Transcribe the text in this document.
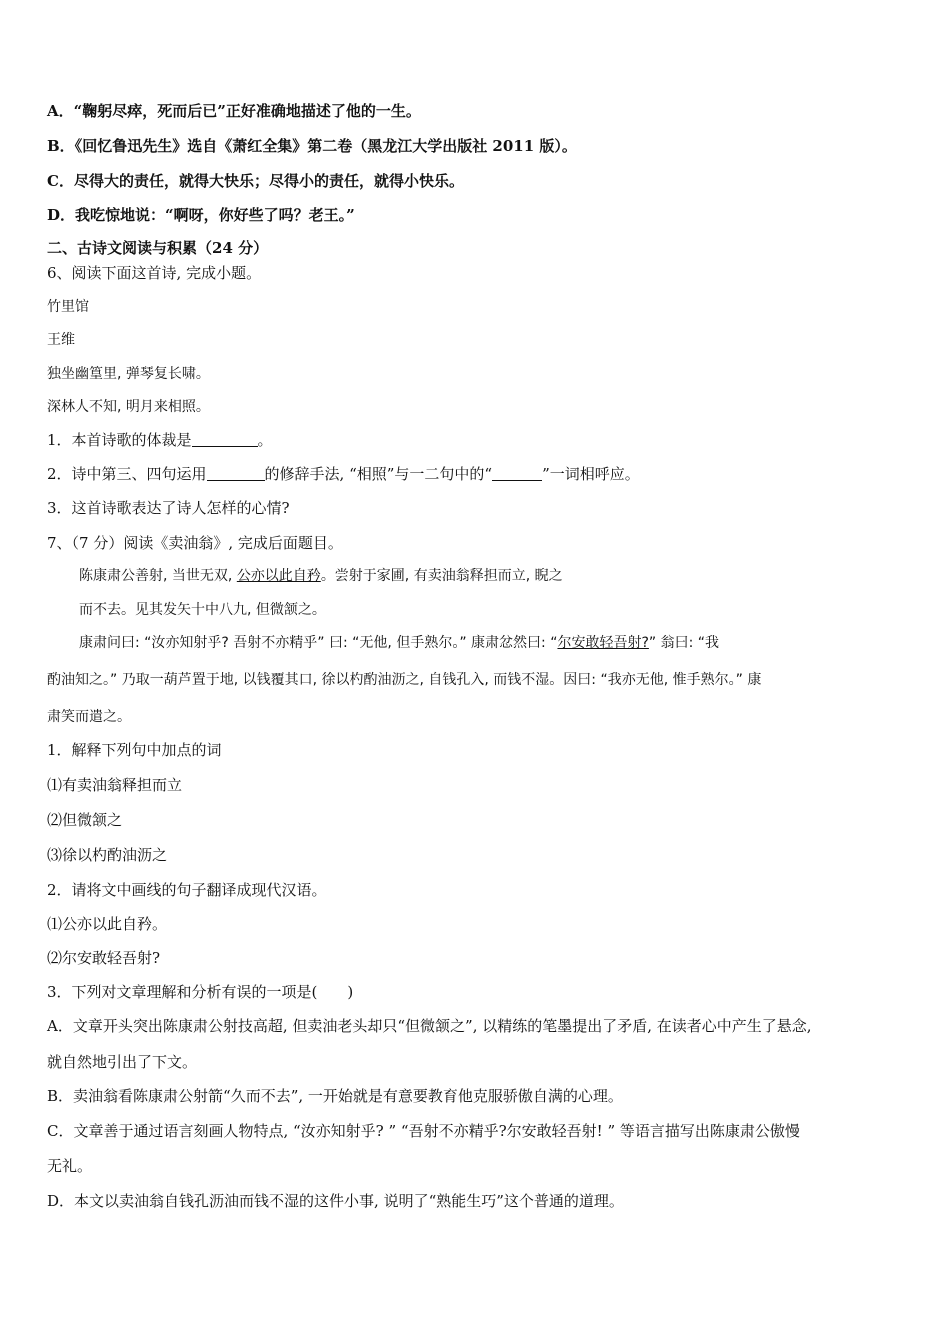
A．“鞠躬尽瘁，死而后已”正好准确地描述了他的一生。
B．《回忆鲁迅先生》选自《萧红全集》第二卷（黑龙江大学出版社 2011 版）。
C．尽得大的责任，就得大快乐；尽得小的责任，就得小快乐。
D．我吃惊地说：“啊呀，你好些了吗？老王。”
二、古诗文阅读与积累（24 分）
6、阅读下面这首诗, 完成小题。
竹里馆
王维
独坐幽篁里, 弹琴复长啸。
深林人不知, 明月来相照。
1．本首诗歌的体裁是	。
2．诗中第三、四句运用	的修辞手法, “相照”与一二句中的“	”一词相呼应。
3．这首诗歌表达了诗人怎样的心情?
7、（7 分）阅读《卖油翁》, 完成后面题目。
陈康肃公善射, 当世无双, 公亦以此自矜。尝射于家圃, 有卖油翁释担而立, 睨之
而不去。见其发矢十中八九, 但微颔之。
康肃问曰: “汝亦知射乎? 吾射不亦精乎” 曰: “无他, 但手熟尔。” 康肃忿然曰: “尔安敢轻吾射?” 翁曰: “我
酌油知之。” 乃取一葫芦置于地, 以钱覆其口, 徐以杓酌油沥之, 自钱孔入, 而钱不湿。因曰: “我亦无他, 惟手熟尔。” 康
肃笑而遣之。
1．解释下列句中加点的词
⑴有卖油翁释担而立
⑵但微颔之
⑶徐以杓酌油沥之
2．请将文中画线的句子翻译成现代汉语。
⑴公亦以此自矜。
⑵尔安敢轻吾射?
3．下列对文章理解和分析有误的一项是(　　)
A．文章开头突出陈康肃公射技高超, 但卖油老头却只“但微颔之”, 以精练的笔墨提出了矛盾, 在读者心中产生了悬念,
就自然地引出了下文。
B．卖油翁看陈康肃公射箭“久而不去”, 一开始就是有意要教育他克服骄傲自满的心理。
C．文章善于通过语言刻画人物特点, “汝亦知射乎? ” “吾射不亦精乎?尔安敢轻吾射! ” 等语言描写出陈康肃公傲慢
无礼。
D．本文以卖油翁自钱孔沥油而钱不湿的这件小事, 说明了“熟能生巧”这个普通的道理。
